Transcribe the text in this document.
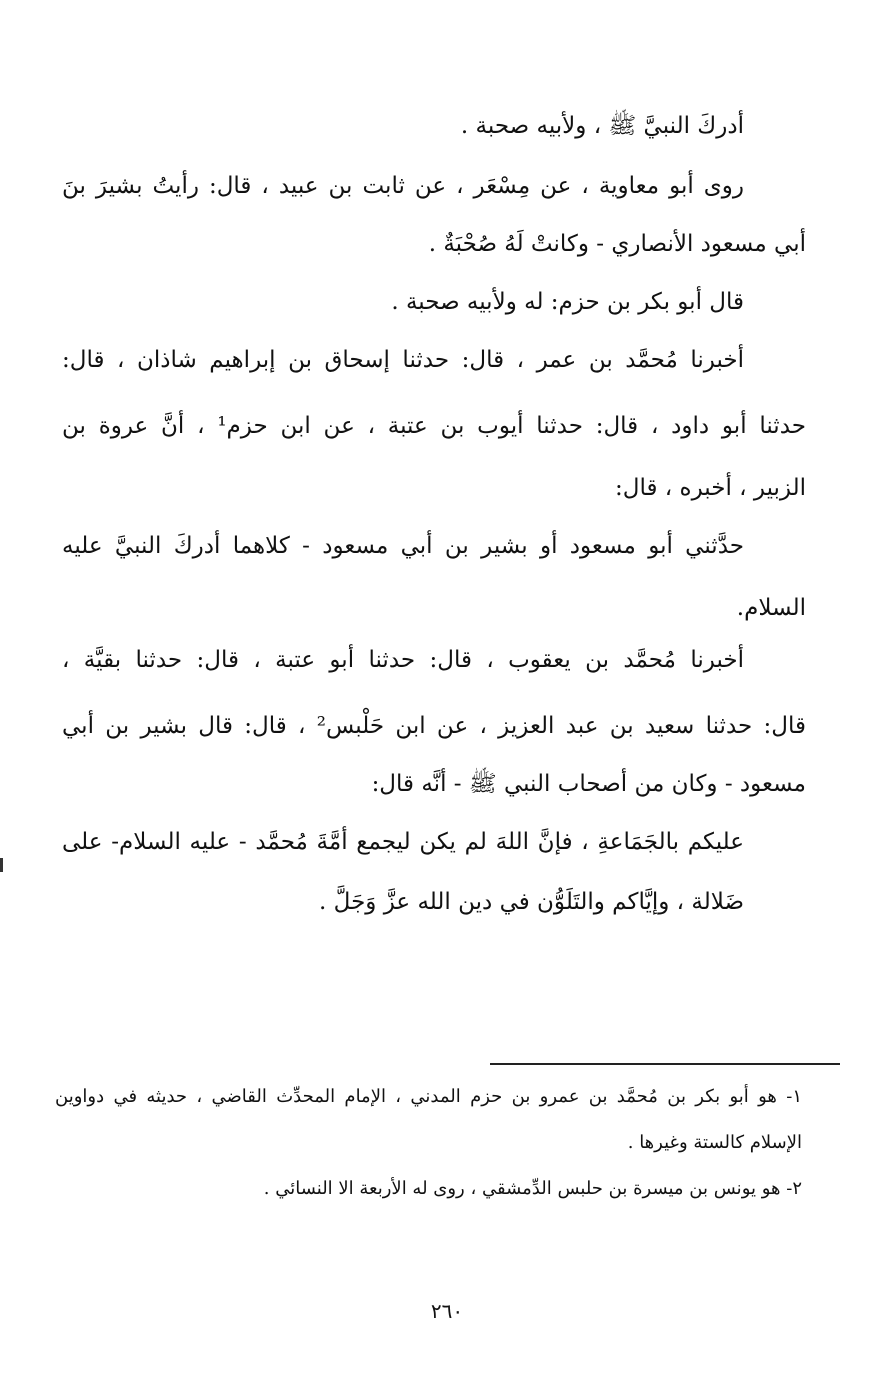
أدركَ النبيَّ ﷺ ، ولأبيه صحبة .
روى أبو معاوية ، عن مِسْعَر ، عن ثابت بن عبيد ، قال: رأيتُ بشيرَ بنَ
أبي مسعود الأنصاري - وكانتْ لَهُ صُحْبَةٌ .
قال أبو بكر بن حزم: له ولأبيه صحبة .
أخبرنا مُحمَّد بن عمر ، قال: حدثنا إسحاق بن إبراهيم شاذان ، قال:
حدثنا أبو داود ، قال: حدثنا أيوب بن عتبة ، عن ابن حزم¹ ، أنَّ عروة بن
الزبير ، أخبره ، قال:
حدَّثني أبو مسعود أو بشير بن أبي مسعود - كلاهما أدركَ النبيَّ عليه
السلام.
أخبرنا مُحمَّد بن يعقوب ، قال: حدثنا أبو عتبة ، قال: حدثنا بقيَّة ،
قال: حدثنا سعيد بن عبد العزيز ، عن ابن حَلْبس² ، قال: قال بشير بن أبي
مسعود - وكان من أصحاب النبي ﷺ - أنَّه قال:
عليكم بالجَمَاعةِ ، فإنَّ اللهَ لم يكن ليجمع أمَّةَ مُحمَّد - عليه السلام- على
ضَلالة ، وإيَّاكم والتَلَوُّن في دين الله عزَّ وَجَلَّ .
١- هو أبو بكر بن مُحمَّد بن عمرو بن حزم المدني ، الإمام المحدِّث القاضي ، حديثه في دواوين
الإسلام كالستة وغيرها .
٢- هو يونس بن ميسرة بن حلبس الدِّمشقي ، روى له الأربعة الا النسائي .
٢٦٠
